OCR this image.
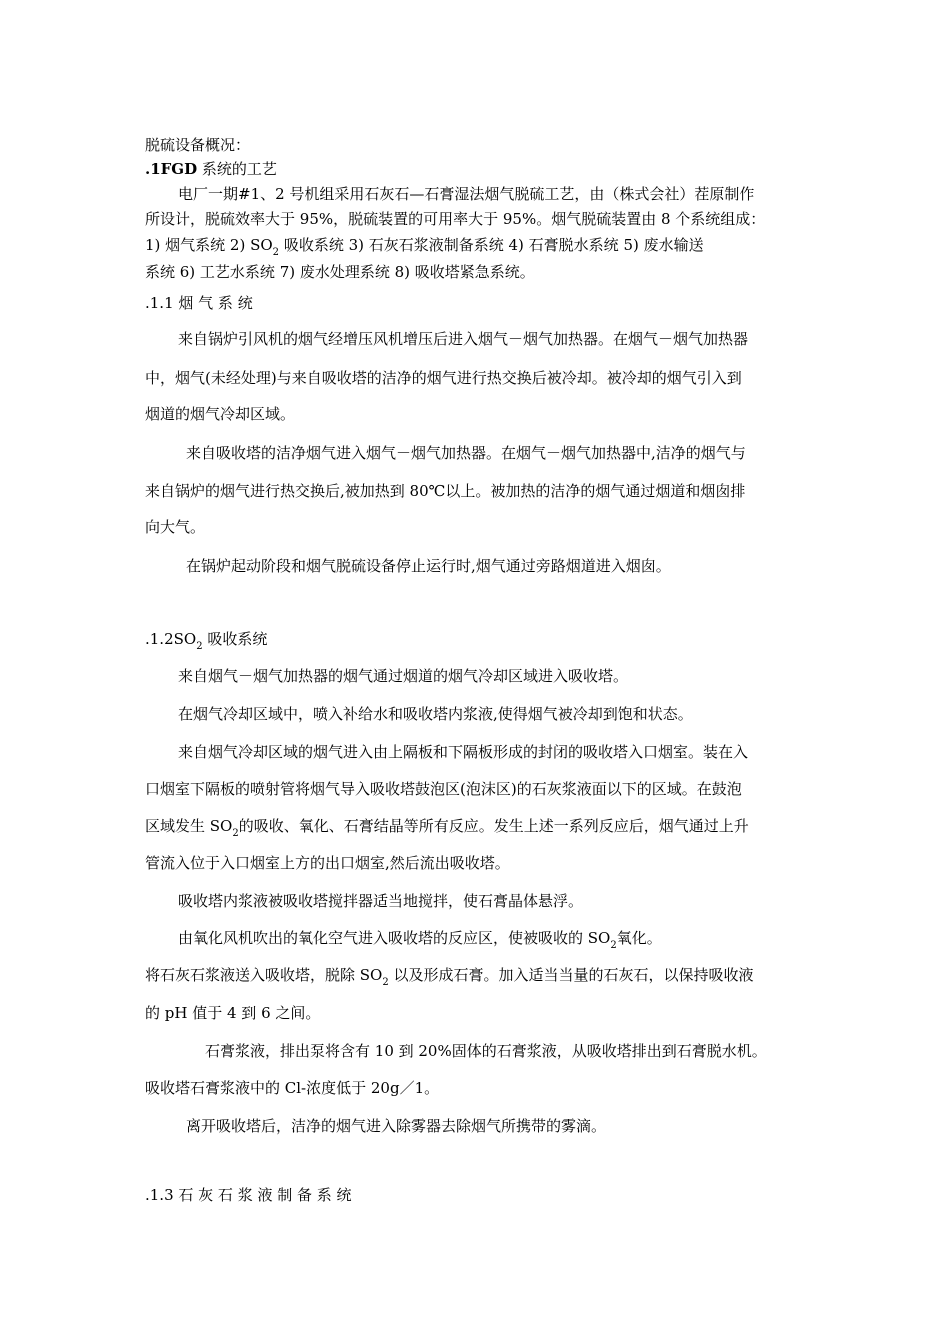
脱硫设备概况：
.1FGD 系统的工艺
电厂一期#1、2 号机组采用石灰石—石膏湿法烟气脱硫工艺，由（株式会社）茬原制作
所设计，脱硫效率大于 95%，脱硫装置的可用率大于 95%。烟气脱硫装置由 8 个系统组成：
1) 烟气系统 2) $SO_2$ 吸收系统 3) 石灰石浆液制备系统 4) 石膏脱水系统 5) 废水输送
系统 6) 工艺水系统 7) 废水处理系统 8) 吸收塔紧急系统。
.1.1 烟 气 系 统
来自锅炉引风机的烟气经增压风机增压后进入烟气－烟气加热器。在烟气－烟气加热器
中，烟气(未经处理)与来自吸收塔的洁净的烟气进行热交换后被冷却。被冷却的烟气引入到
烟道的烟气冷却区域。
来自吸收塔的洁净烟气进入烟气－烟气加热器。在烟气－烟气加热器中,洁净的烟气与
来自锅炉的烟气进行热交换后,被加热到 80℃以上。被加热的洁净的烟气通过烟道和烟囱排
向大气。
在锅炉起动阶段和烟气脱硫设备停止运行时,烟气通过旁路烟道进入烟囱。
$.1.2SO_2$ 吸收系统
来自烟气－烟气加热器的烟气通过烟道的烟气冷却区域进入吸收塔。
在烟气冷却区域中，喷入补给水和吸收塔内浆液,使得烟气被冷却到饱和状态。
来自烟气冷却区域的烟气进入由上隔板和下隔板形成的封闭的吸收塔入口烟室。装在入
口烟室下隔板的喷射管将烟气导入吸收塔鼓泡区(泡沫区)的石灰浆液面以下的区域。在鼓泡
区域发生 $SO_2$的吸收、氧化、石膏结晶等所有反应。发生上述一系列反应后，烟气通过上升
管流入位于入口烟室上方的出口烟室,然后流出吸收塔。
吸收塔内浆液被吸收塔搅拌器适当地搅拌，使石膏晶体悬浮。
由氧化风机吹出的氧化空气进入吸收塔的反应区，使被吸收的 $SO_2$氧化。
将石灰石浆液送入吸收塔，脱除 $SO_2$ 以及形成石膏。加入适当当量的石灰石，以保持吸收液
的 pH 值于 4 到 6 之间。
石膏浆液，排出泵将含有 10 到 20%固体的石膏浆液，从吸收塔排出到石膏脱水机。
吸收塔石膏浆液中的 Cl-浓度低于 20g／1。
离开吸收塔后，洁净的烟气进入除雾器去除烟气所携带的雾滴。
.1.3 石 灰 石 浆 液 制 备 系 统
